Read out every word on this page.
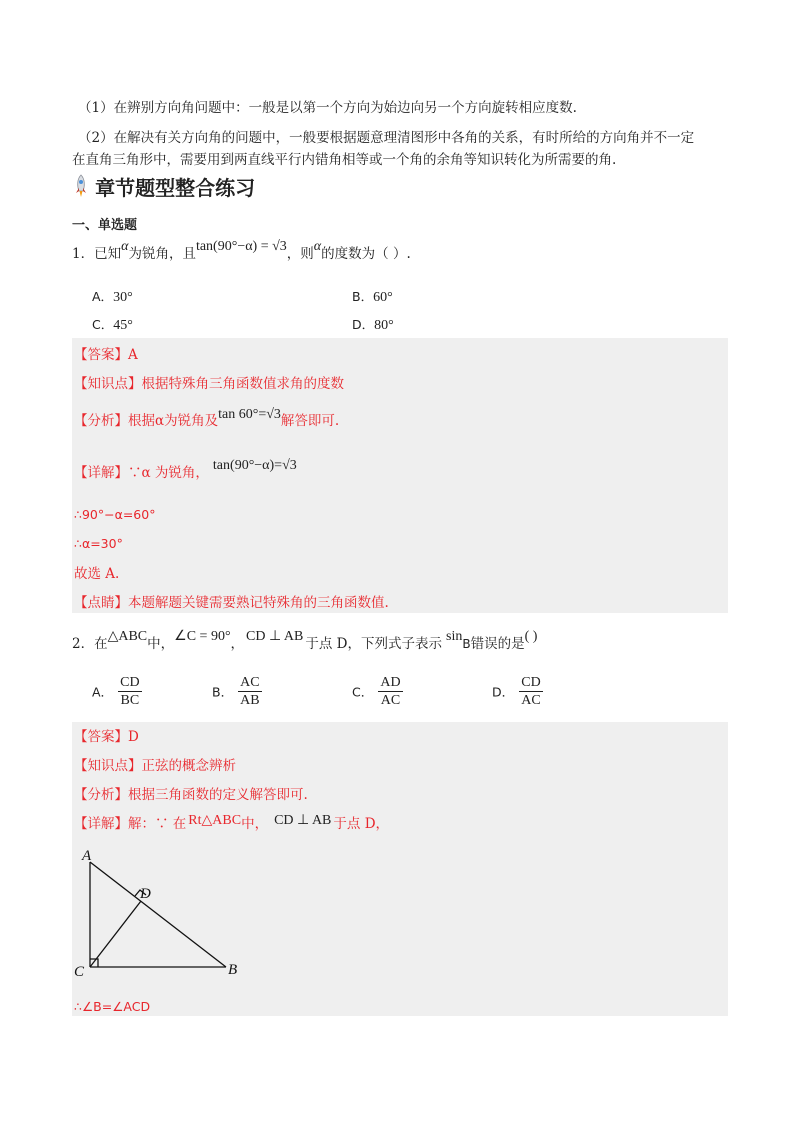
（1）在辨别方向角问题中：一般是以第一个方向为始边向另一个方向旋转相应度数.
（2）在解决有关方向角的问题中，一般要根据题意理清图形中各角的关系，有时所给的方向角并不一定
在直角三角形中，需要用到两直线平行内错角相等或一个角的余角等知识转化为所需要的角.
章节题型整合练习
一、单选题
1．已知α为锐角，且tan(90°−α) = √3，则α的度数为（ ）.
A．30°	B．60°
C．45°	D．80°
【答案】A
【知识点】根据特殊角三角函数值求角的度数
【分析】根据α为锐角及tan 60°=√3解答即可.
【详解】∵α 为锐角， tan(90°−α)=√3
∴90°−α=60°
∴α=30°
故选 A.
【点睛】本题解题关键需要熟记特殊角的三角函数值.
2．在△ABC中，∠C = 90°， CD ⊥ AB 于点 D，下列式子表示 sinB错误的是( )
A． $\frac{CD}{BC}$	B． $\frac{AC}{AB}$	C． $\frac{AD}{AC}$	D． $\frac{CD}{AC}$
【答案】D
【知识点】正弦的概念辨析
【分析】根据三角函数的定义解答即可.
【详解】解：∵ 在 Rt△ABC中， CD ⊥ AB 于点 D，
A
D
C	B
∴∠B=∠ACD
